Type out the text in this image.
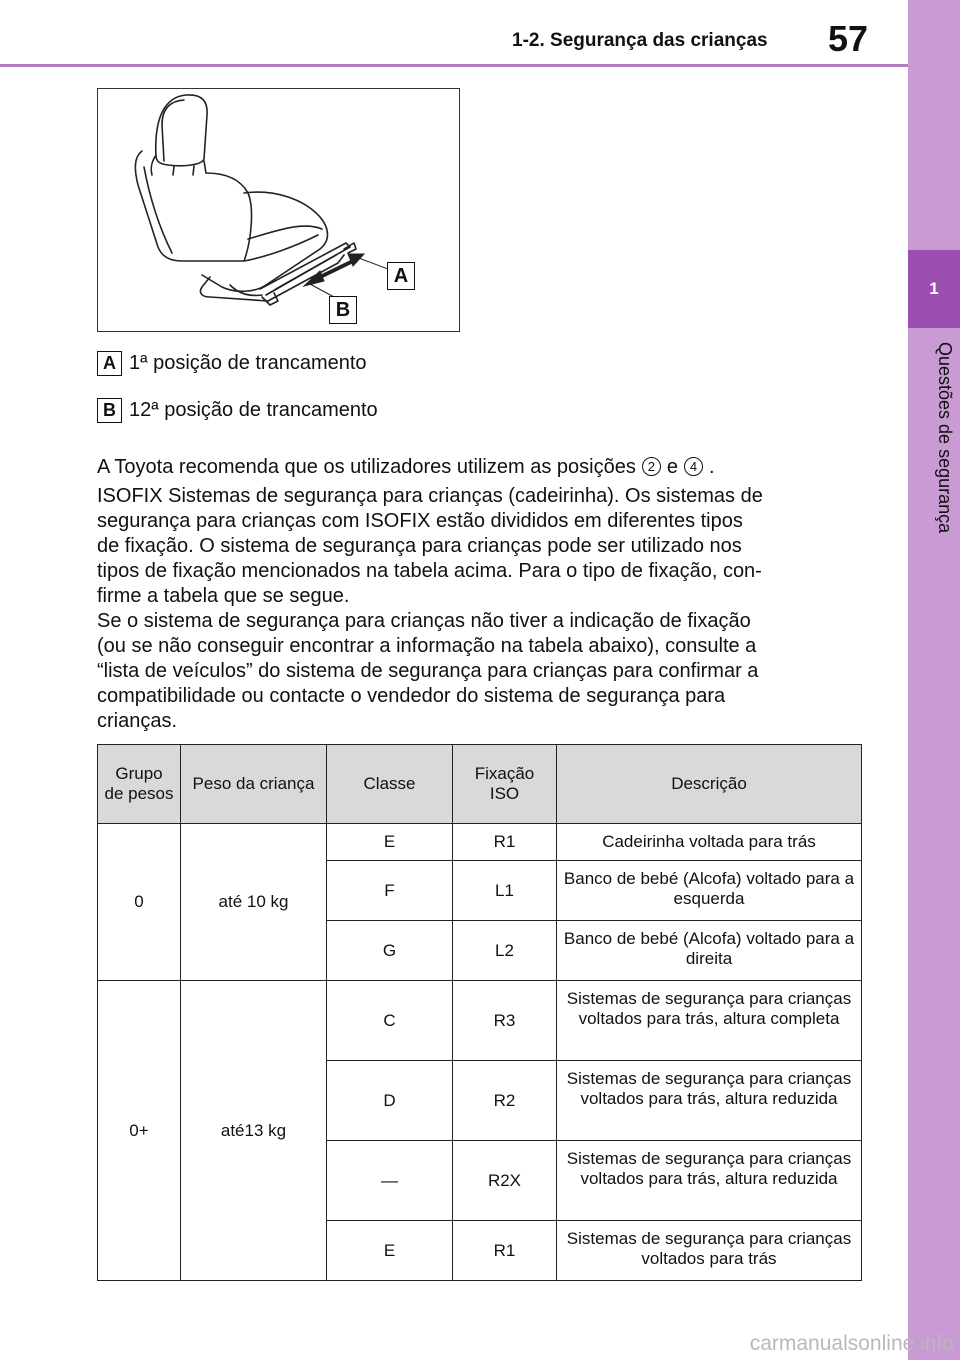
1-2. Segurança das crianças 57
1
Questões de segurança
A
B
A 1ª posição de trancamento
B 12ª posição de trancamento
A Toyota recomenda que os utilizadores utilizem as posições 2 e 4 .
ISOFIX Sistemas de segurança para crianças (cadeirinha). Os sistemas de
segurança para crianças com ISOFIX estão divididos em diferentes tipos
de fixação. O sistema de segurança para crianças pode ser utilizado nos
tipos de fixação mencionados na tabela acima. Para o tipo de fixação, con-
firme a tabela que se segue.
Se o sistema de segurança para crianças não tiver a indicação de fixação
(ou se não conseguir encontrar a informação na tabela abaixo), consulte a
“lista de veículos” do sistema de segurança para crianças para confirmar a
compatibilidade ou contacte o vendedor do sistema de segurança para
crianças.
Grupo de pesos	Peso da criança	Classe	Fixação ISO	Descrição
0	até 10 kg	E	R1	Cadeirinha voltada para trás
		F	L1	Banco de bebé (Alcofa) voltado para a esquerda
		G	L2	Banco de bebé (Alcofa) voltado para a direita
0+	até13 kg	C	R3	Sistemas de segurança para crianças voltados para trás, altura completa
		D	R2	Sistemas de segurança para crianças voltados para trás, altura reduzida
		—	R2X	Sistemas de segurança para crianças voltados para trás, altura reduzida
		E	R1	Sistemas de segurança para crianças voltados para trás
carmanualsonline.info
